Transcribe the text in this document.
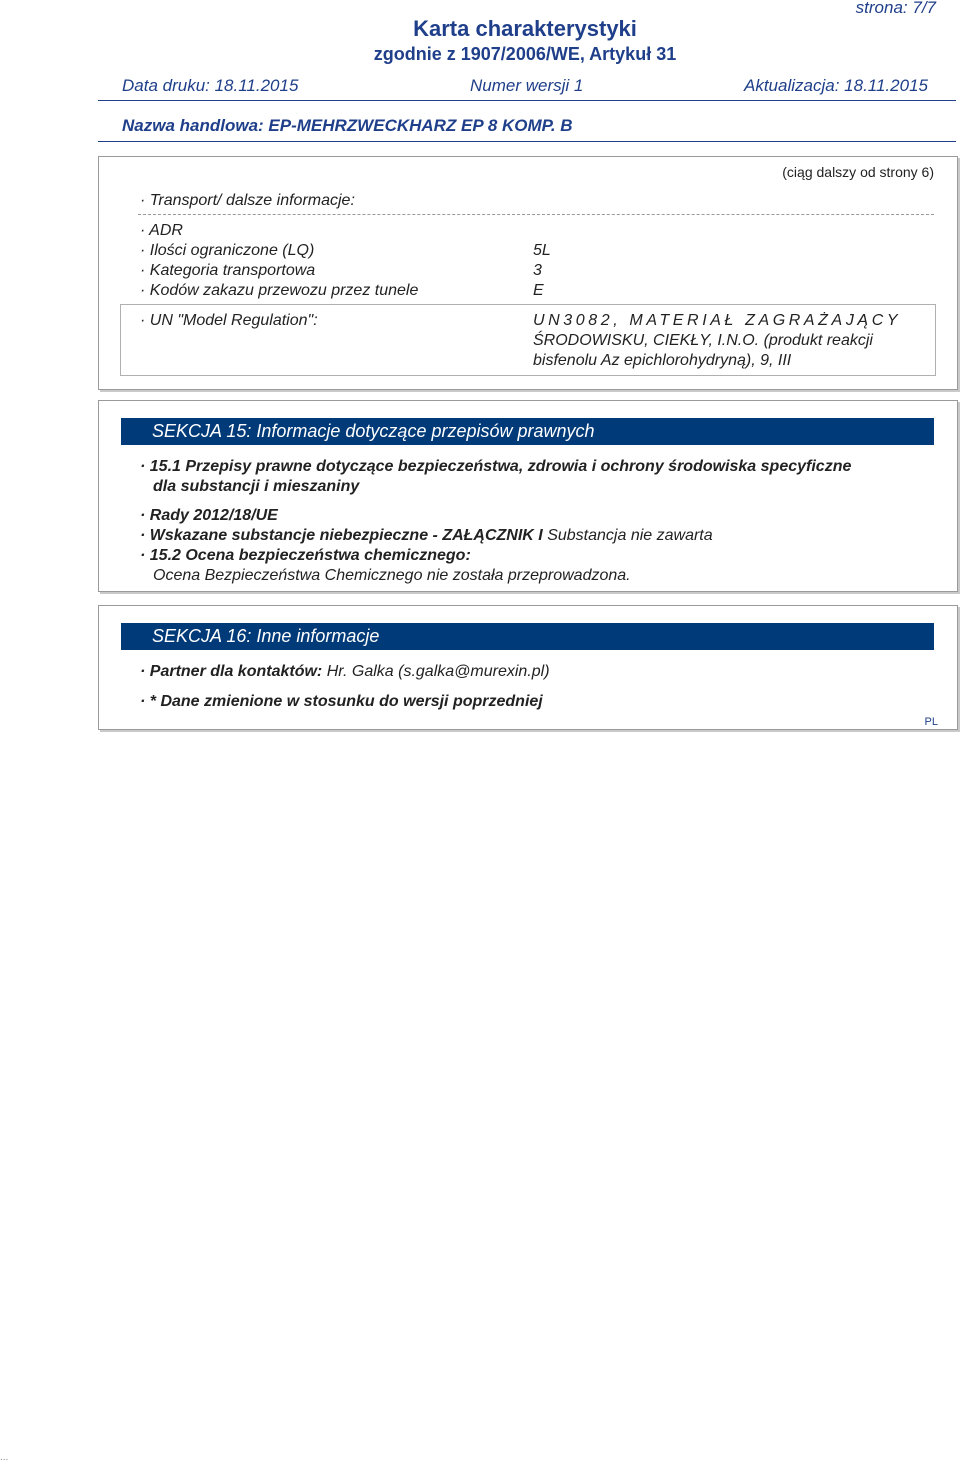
strona: 7/7
Karta charakterystyki
zgodnie z 1907/2006/WE, Artykuł 31
Data druku: 18.11.2015	Numer wersji 1	Aktualizacja: 18.11.2015
Nazwa handlowa: EP-MEHRZWECKHARZ EP 8 KOMP. B
(ciąg dalszy od strony 6)
· Transport/ dalsze informacje:
· ADR
· Ilości ograniczone (LQ)	5L
· Kategoria transportowa	3
· Kodów zakazu przewozu przez tunele	E
· UN "Model Regulation":	UN3082, MATERIAŁ ZAGRAŻAJĄCY
ŚRODOWISKU, CIEKŁY, I.N.O. (produkt reakcji
bisfenolu Az epichlorohydryną), 9, III
SEKCJA 15: Informacje dotyczące przepisów prawnych
· 15.1 Przepisy prawne dotyczące bezpieczeństwa, zdrowia i ochrony środowiska specyficzne
dla substancji i mieszaniny
· Rady 2012/18/UE
· Wskazane substancje niebezpieczne - ZAŁĄCZNIK I Substancja nie zawarta
· 15.2 Ocena bezpieczeństwa chemicznego:
Ocena Bezpieczeństwa Chemicznego nie została przeprowadzona.
SEKCJA 16: Inne informacje
· Partner dla kontaktów: Hr. Galka (s.galka@murexin.pl)
· * Dane zmienione w stosunku do wersji poprzedniej
PL
...
